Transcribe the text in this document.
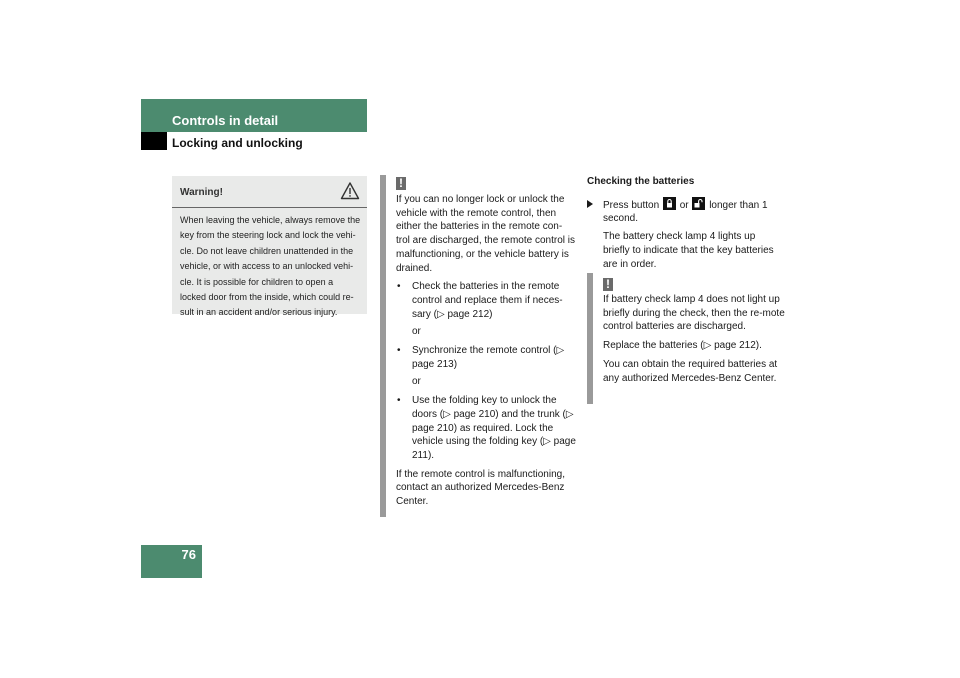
Controls in detail
Locking and unlocking
76
Warning!

When leaving the vehicle, always remove the

key from the steering lock and lock the vehi-

cle. Do not leave children unattended in the

vehicle, or with access to an unlocked vehi-

cle. It is possible for children to open a

locked door from the inside, which could re-

sult in an accident and/or serious injury.

!

If you can no longer lock or unlock the vehicle with the remote control, then either the batteries in the remote con-trol are discharged, the remote control is malfunctioning, or the vehicle battery is drained.

• Check the batteries in the remote control and replace them if neces-sary (▷ page 212)
or
• Synchronize the remote control (▷ page 213)
or
• Use the folding key to unlock the doors (▷ page 210) and the trunk (▷ page 210) as required. Lock the vehicle using the folding key (▷ page 211).

If the remote control is malfunctioning, contact an authorized Mercedes-Benz Center.

Checking the batteries

Press button or longer than 1 second.
The battery check lamp 4 lights up briefly to indicate that the key batteries are in order.
!

If battery check lamp 4 does not light up briefly during the check, then the re-mote control batteries are discharged.

Replace the batteries (▷ page 212).

You can obtain the required batteries at any authorized Mercedes-Benz Center.
